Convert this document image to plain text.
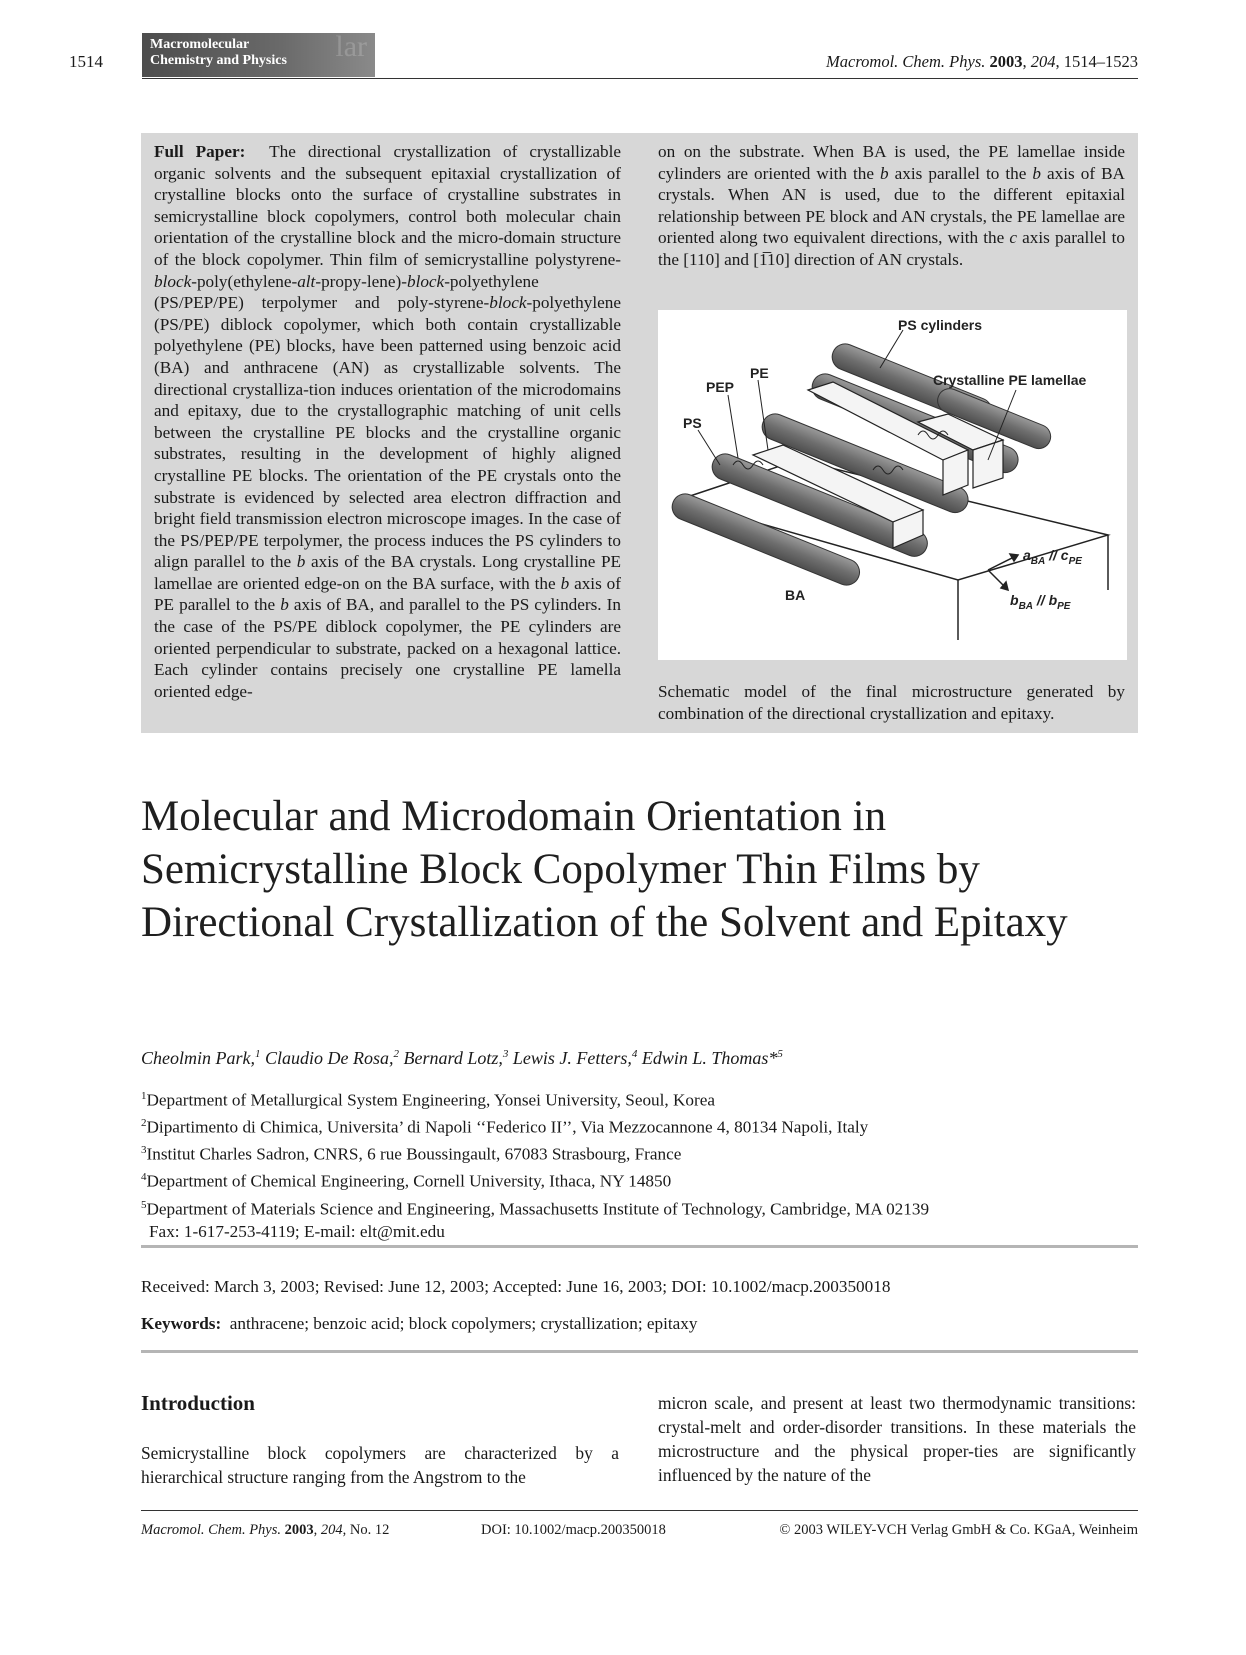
1514	lar
Macromolecular
Chemistry and Physics	Macromol. Chem. Phys. 2003, 204, 1514–1523
Full Paper: The directional crystallization of crystallizable organic solvents and the subsequent epitaxial crystallization of crystalline blocks onto the surface of crystalline substrates in semicrystalline block copolymers, control both molecular chain orientation of the crystalline block and the micro-domain structure of the block copolymer. Thin film of semicrystalline polystyrene-block-poly(ethylene-alt-propy-lene)-block-polyethylene (PS/PEP/PE) terpolymer and poly-styrene-block-polyethylene (PS/PE) diblock copolymer, which both contain crystallizable polyethylene (PE) blocks, have been patterned using benzoic acid (BA) and anthracene (AN) as crystallizable solvents. The directional crystalliza-tion induces orientation of the microdomains and epitaxy, due to the crystallographic matching of unit cells between the crystalline PE blocks and the crystalline organic substrates, resulting in the development of highly aligned crystalline PE blocks. The orientation of the PE crystals onto the substrate is evidenced by selected area electron diffraction and bright field transmission electron microscope images. In the case of the PS/PEP/PE terpolymer, the process induces the PS cylinders to align parallel to the b axis of the BA crystals. Long crystalline PE lamellae are oriented edge-on on the BA surface, with the b axis of PE parallel to the b axis of BA, and parallel to the PS cylinders. In the case of the PS/PE diblock copolymer, the PE cylinders are oriented perpendicular to substrate, packed on a hexagonal lattice. Each cylinder contains precisely one crystalline PE lamella oriented edge-
on on the substrate. When BA is used, the PE lamellae inside cylinders are oriented with the b axis parallel to the b axis of BA crystals. When AN is used, due to the different epitaxial relationship between PE block and AN crystals, the PE lamellae are oriented along two equivalent directions, with the c axis parallel to the [110] and [1̅10] direction of AN crystals.
PS cylinders
Crystalline PE lamellae
PE
PEP
PS
BA
$a_{BA} // c_{PE}$
$b_{BA} // b_{PE}$
Schematic model of the final microstructure generated by combination of the directional crystallization and epitaxy.
Molecular and Microdomain Orientation in Semicrystalline Block Copolymer Thin Films by Directional Crystallization of the Solvent and Epitaxy
Cheolmin Park,$^1$ Claudio De Rosa,$^2$ Bernard Lotz,$^3$ Lewis J. Fetters,$^4$ Edwin L. Thomas*$^5$
$^1$Department of Metallurgical System Engineering, Yonsei University, Seoul, Korea
$^2$Dipartimento di Chimica, Universita’ di Napoli ‘‘Federico II’’, Via Mezzocannone 4, 80134 Napoli, Italy
$^3$Institut Charles Sadron, CNRS, 6 rue Boussingault, 67083 Strasbourg, France
$^4$Department of Chemical Engineering, Cornell University, Ithaca, NY 14850
$^5$Department of Materials Science and Engineering, Massachusetts Institute of Technology, Cambridge, MA 02139
Fax: 1-617-253-4119; E-mail: elt@mit.edu
Received: March 3, 2003; Revised: June 12, 2003; Accepted: June 16, 2003; DOI: 10.1002/macp.200350018
Keywords: anthracene; benzoic acid; block copolymers; crystallization; epitaxy
Introduction
Semicrystalline block copolymers are characterized by a hierarchical structure ranging from the Angstrom to the
micron scale, and present at least two thermodynamic transitions: crystal-melt and order-disorder transitions. In these materials the microstructure and the physical proper-ties are significantly influenced by the nature of the
Macromol. Chem. Phys. 2003, 204, No. 12	DOI: 10.1002/macp.200350018	© 2003 WILEY-VCH Verlag GmbH & Co. KGaA, Weinheim
